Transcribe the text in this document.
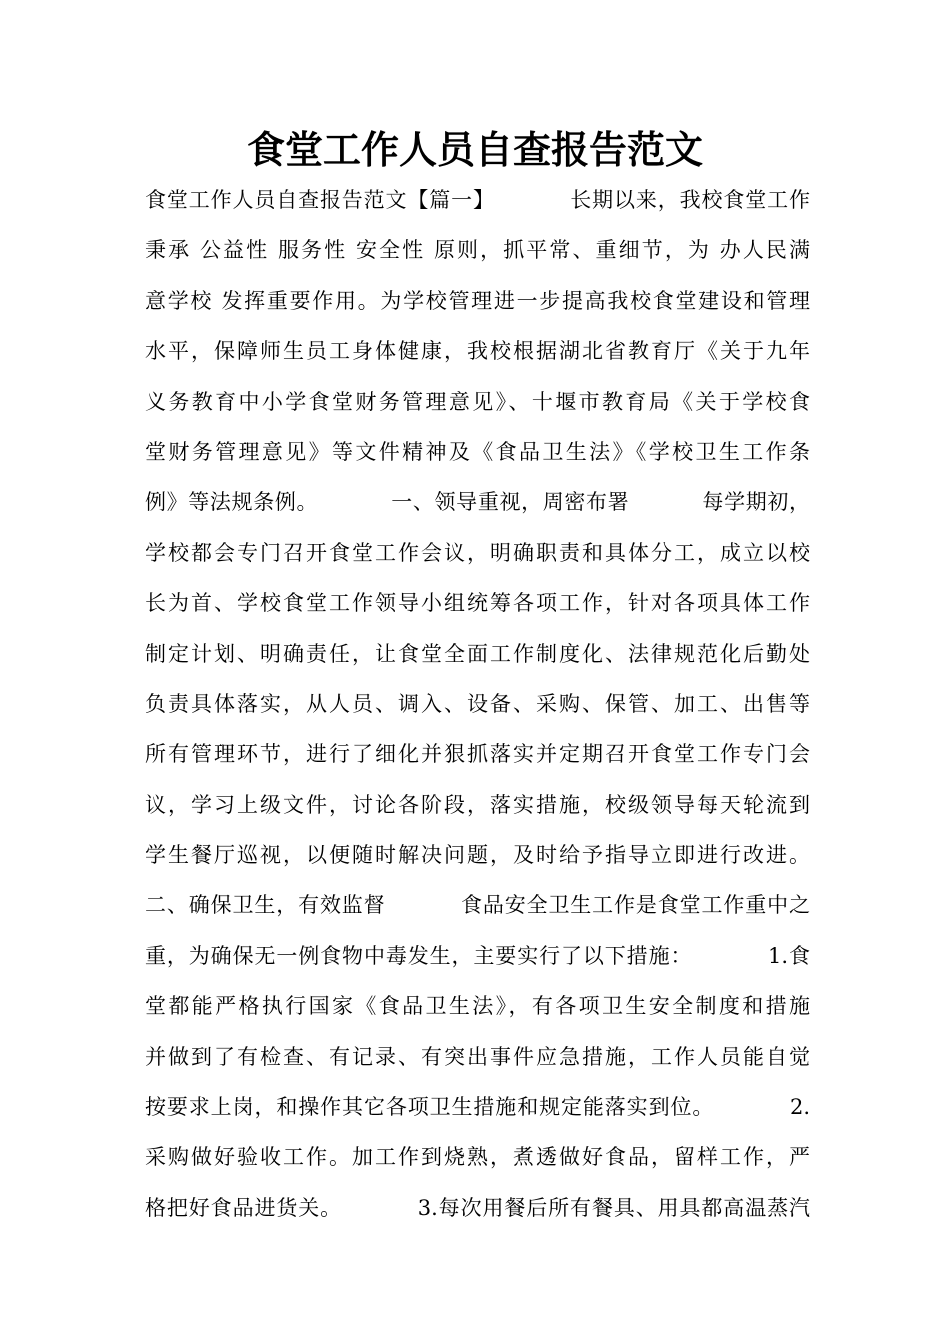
食堂工作人员自查报告范文
食堂工作人员自查报告范文【篇一】          长期以来，我校食堂工作
秉承 公益性 服务性 安全性 原则，抓平常、重细节，为 办人民满
意学校 发挥重要作用。为学校管理进一步提高我校食堂建设和管理
水平，保障师生员工身体健康，我校根据湖北省教育厅《关于九年
义务教育中小学食堂财务管理意见》、十堰市教育局《关于学校食
堂财务管理意见》等文件精神及《食品卫生法》《学校卫生工作条
例》等法规条例。          一、领导重视，周密布署          每学期初，
学校都会专门召开食堂工作会议，明确职责和具体分工，成立以校
长为首、学校食堂工作领导小组统筹各项工作，针对各项具体工作
制定计划、明确责任，让食堂全面工作制度化、法律规范化后勤处
负责具体落实，从人员、调入、设备、采购、保管、加工、出售等
所有管理环节，进行了细化并狠抓落实并定期召开食堂工作专门会
议，学习上级文件，讨论各阶段，落实措施，校级领导每天轮流到
学生餐厅巡视，以便随时解决问题，及时给予指导立即进行改进。
二、确保卫生，有效监督          食品安全卫生工作是食堂工作重中之
重，为确保无一例食物中毒发生，主要实行了以下措施：          1.食
堂都能严格执行国家《食品卫生法》，有各项卫生安全制度和措施
并做到了有检查、有记录、有突出事件应急措施，工作人员能自觉
按要求上岗，和操作其它各项卫生措施和规定能落实到位。          2.
采购做好验收工作。加工作到烧熟，煮透做好食品，留样工作，严
格把好食品进货关。          3.每次用餐后所有餐具、用具都高温蒸汽
